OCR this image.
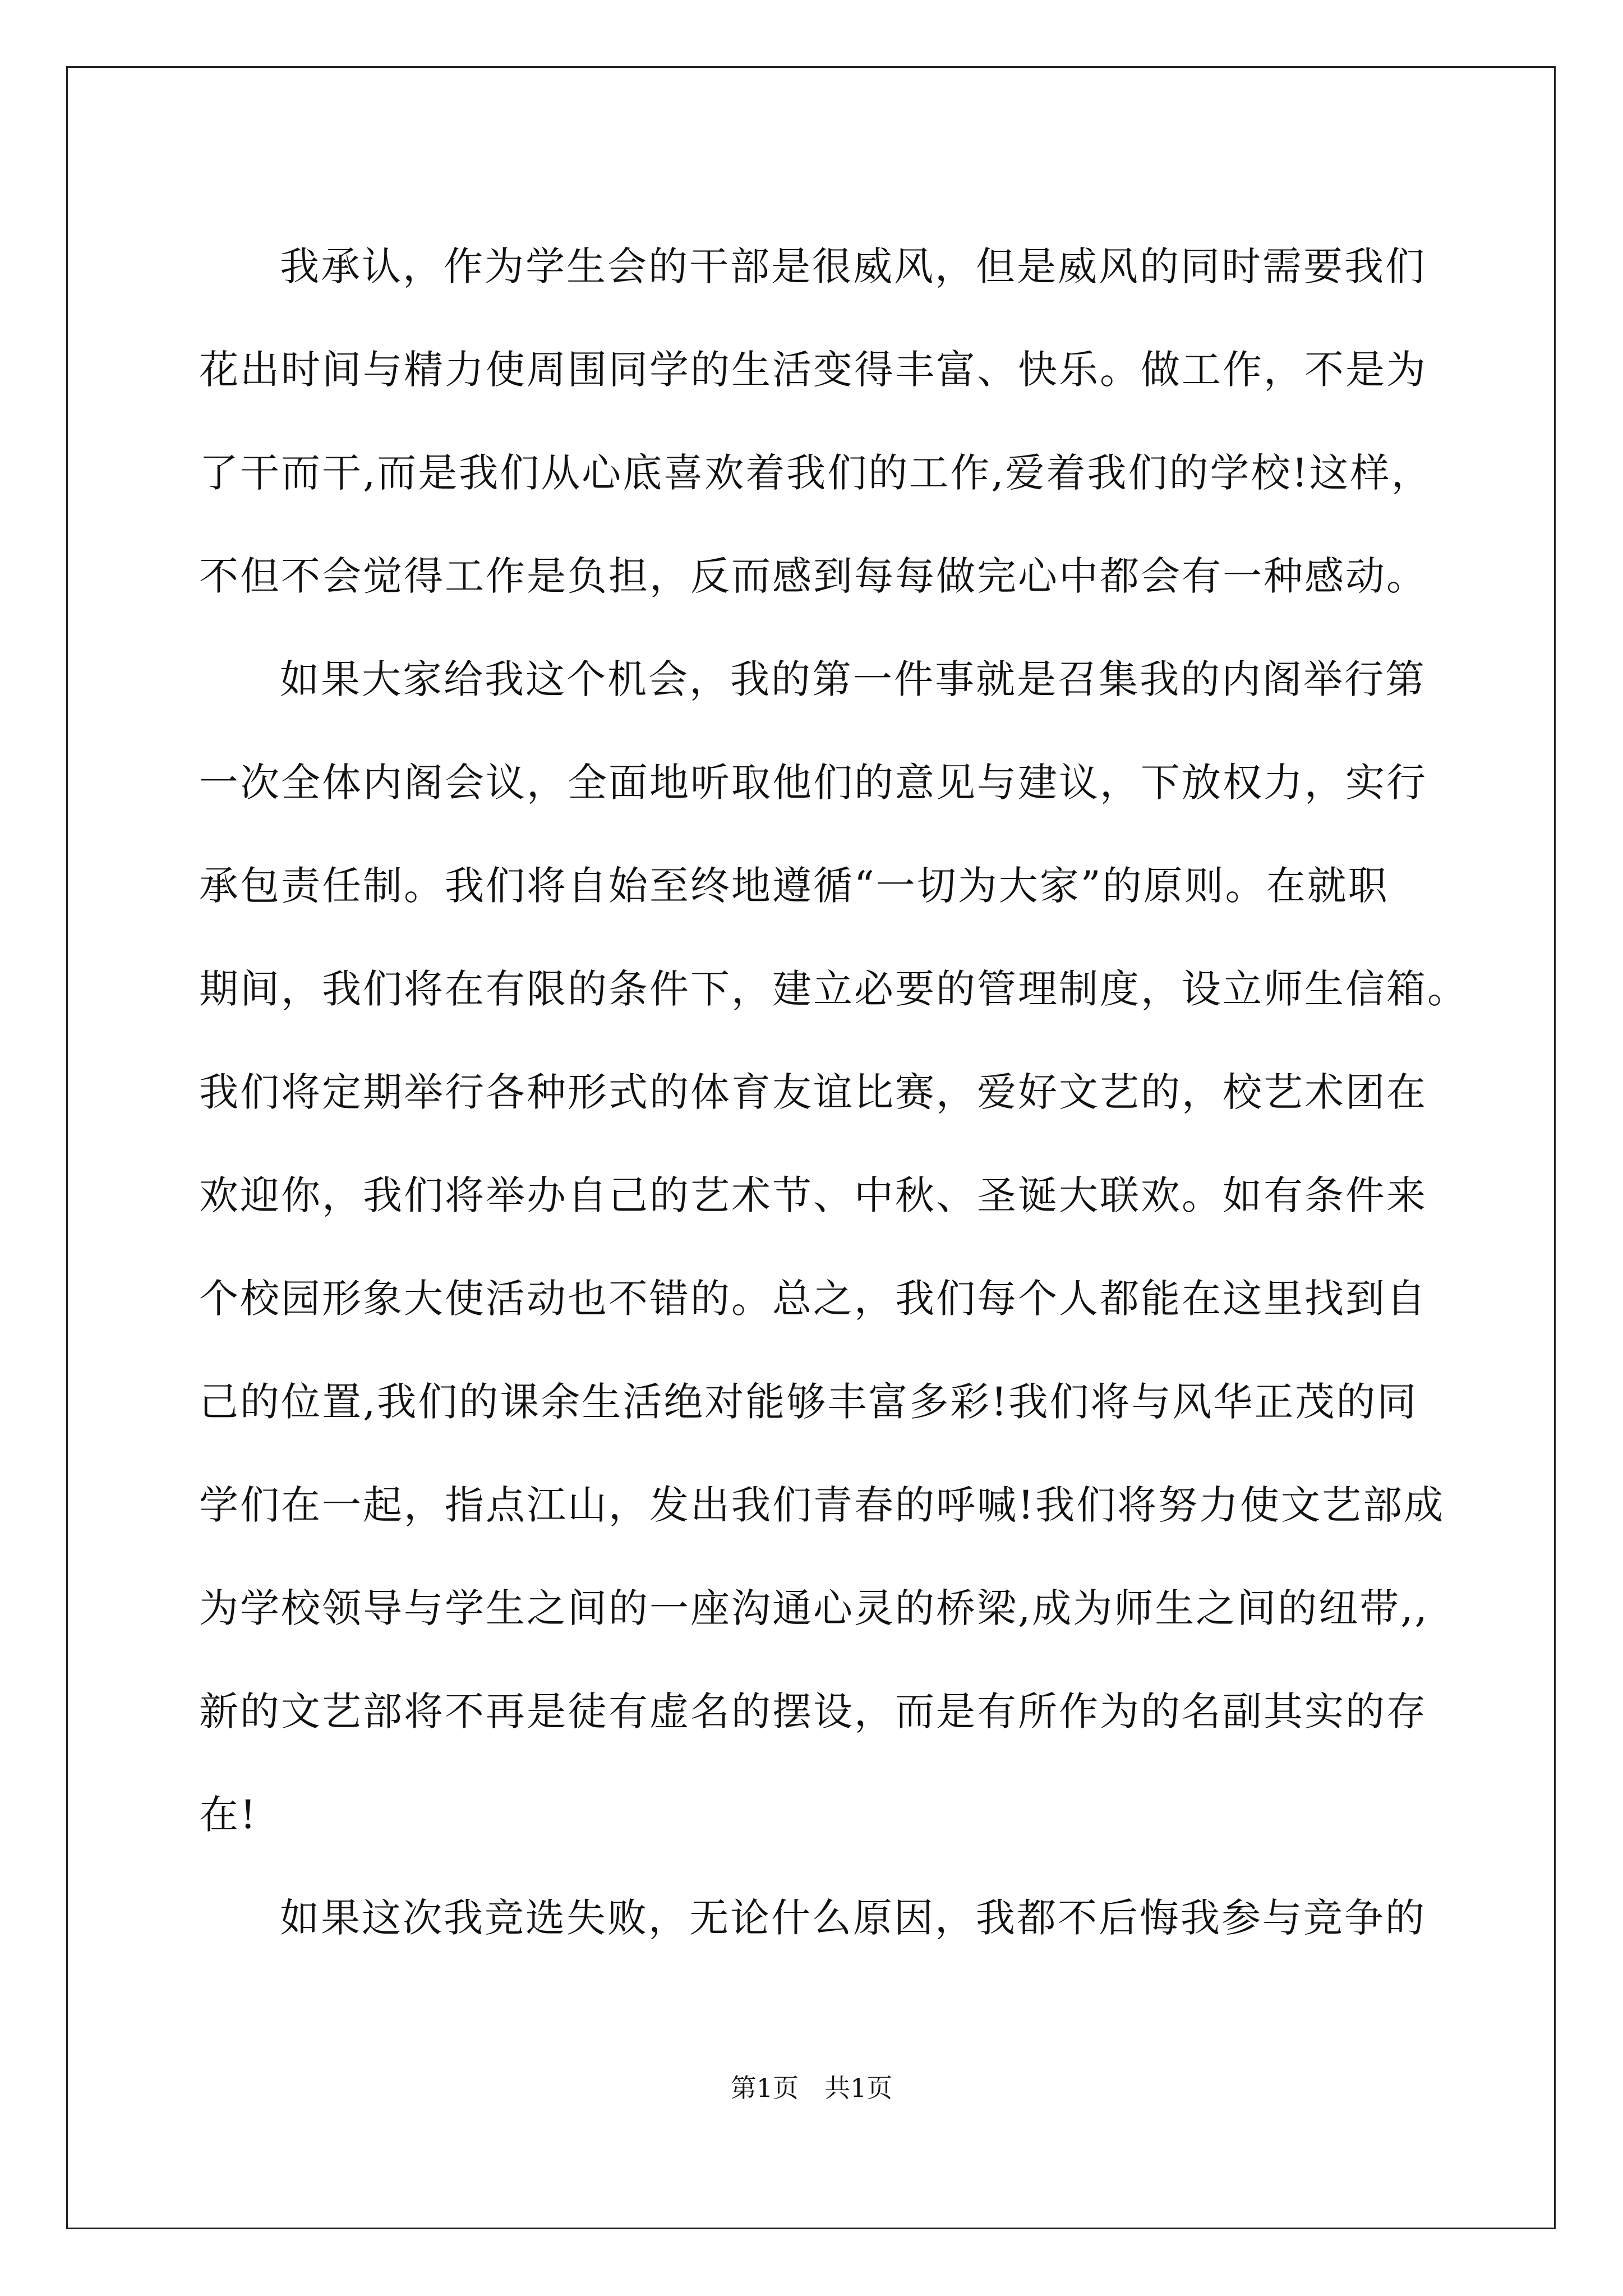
我承认，作为学生会的干部是很威风，但是威风的同时需要我们
花出时间与精力使周围同学的生活变得丰富、快乐。做工作，不是为
了干而干,而是我们从心底喜欢着我们的工作,爱着我们的学校!这样，
不但不会觉得工作是负担，反而感到每每做完心中都会有一种感动。
如果大家给我这个机会，我的第一件事就是召集我的内阁举行第
一次全体内阁会议，全面地听取他们的意见与建议，下放权力，实行
承包责任制。我们将自始至终地遵循“一切为大家”的原则。在就职
期间，我们将在有限的条件下，建立必要的管理制度，设立师生信箱。
我们将定期举行各种形式的体育友谊比赛，爱好文艺的，校艺术团在
欢迎你，我们将举办自己的艺术节、中秋、圣诞大联欢。如有条件来
个校园形象大使活动也不错的。总之，我们每个人都能在这里找到自
己的位置,我们的课余生活绝对能够丰富多彩!我们将与风华正茂的同
学们在一起，指点江山，发出我们青春的呼喊!我们将努力使文艺部成
为学校领导与学生之间的一座沟通心灵的桥梁,成为师生之间的纽带,,
新的文艺部将不再是徒有虚名的摆设，而是有所作为的名副其实的存
在!
如果这次我竞选失败，无论什么原因，我都不后悔我参与竞争的
第1页 共1页
